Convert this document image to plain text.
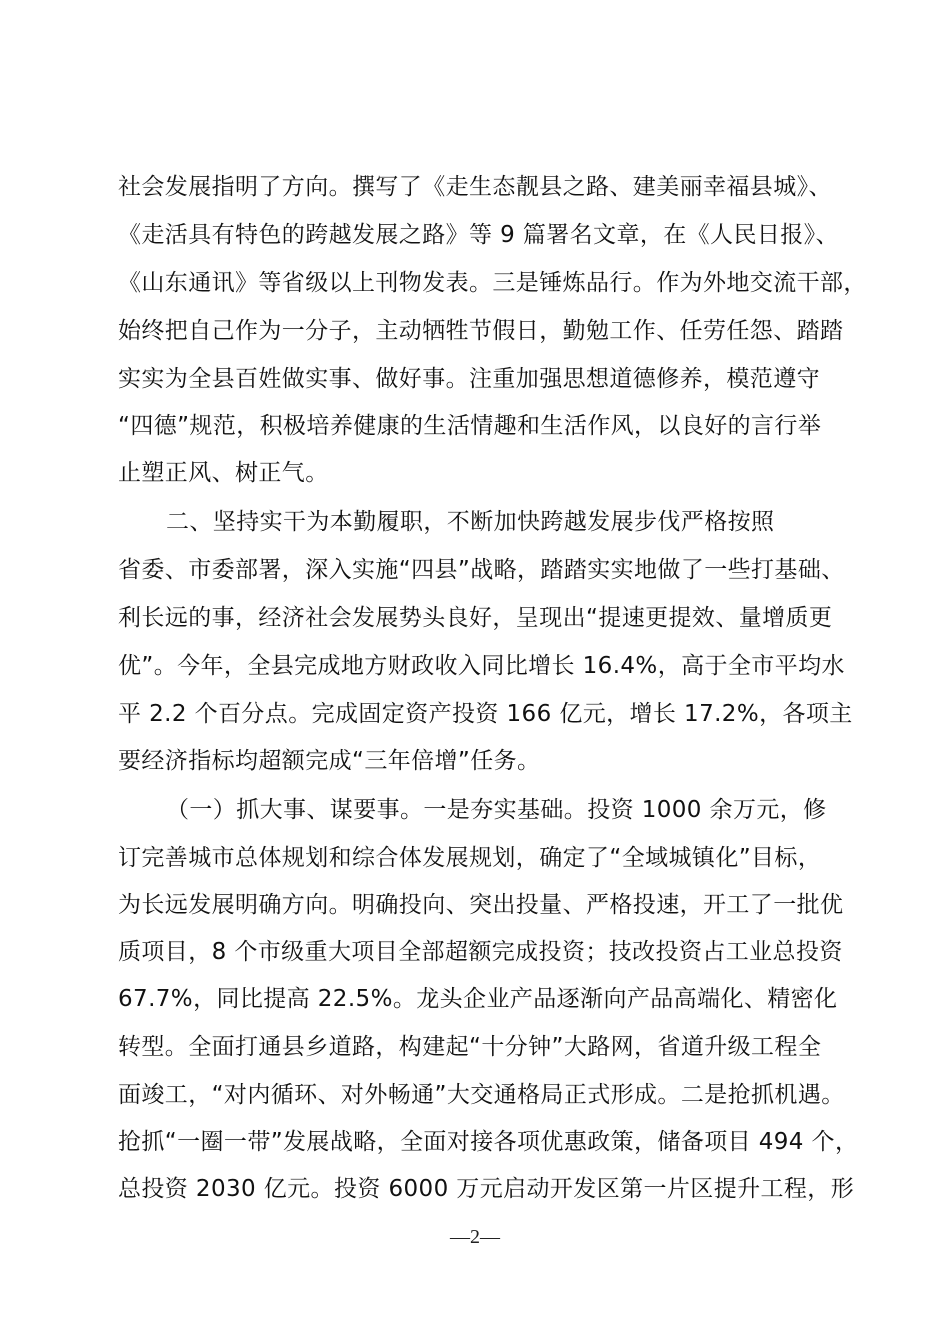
社会发展指明了方向。撰写了《走生态靓县之路、建美丽幸福县城》、
《走活具有特色的跨越发展之路》等 9 篇署名文章，在《人民日报》、
《山东通讯》等省级以上刊物发表。三是锤炼品行。作为外地交流干部，
始终把自己作为一分子，主动牺牲节假日，勤勉工作、任劳任怨、踏踏
实实为全县百姓做实事、做好事。注重加强思想道德修养，模范遵守
“四德”规范，积极培养健康的生活情趣和生活作风，以良好的言行举
止塑正风、树正气。
二、坚持实干为本勤履职，不断加快跨越发展步伐严格按照
省委、市委部署，深入实施“四县”战略，踏踏实实地做了一些打基础、
利长远的事，经济社会发展势头良好，呈现出“提速更提效、量增质更
优”。今年，全县完成地方财政收入同比增长 16.4%，高于全市平均水
平 2.2 个百分点。完成固定资产投资 166 亿元，增长 17.2%，各项主
要经济指标均超额完成“三年倍增”任务。
（一）抓大事、谋要事。一是夯实基础。投资 1000 余万元，修
订完善城市总体规划和综合体发展规划，确定了“全域城镇化”目标，
为长远发展明确方向。明确投向、突出投量、严格投速，开工了一批优
质项目，8 个市级重大项目全部超额完成投资；技改投资占工业总投资
67.7%，同比提高 22.5%。龙头企业产品逐渐向产品高端化、精密化
转型。全面打通县乡道路，构建起“十分钟”大路网，省道升级工程全
面竣工，“对内循环、对外畅通”大交通格局正式形成。二是抢抓机遇。
抢抓“一圈一带”发展战略，全面对接各项优惠政策，储备项目 494 个，
总投资 2030 亿元。投资 6000 万元启动开发区第一片区提升工程，形
—2—
